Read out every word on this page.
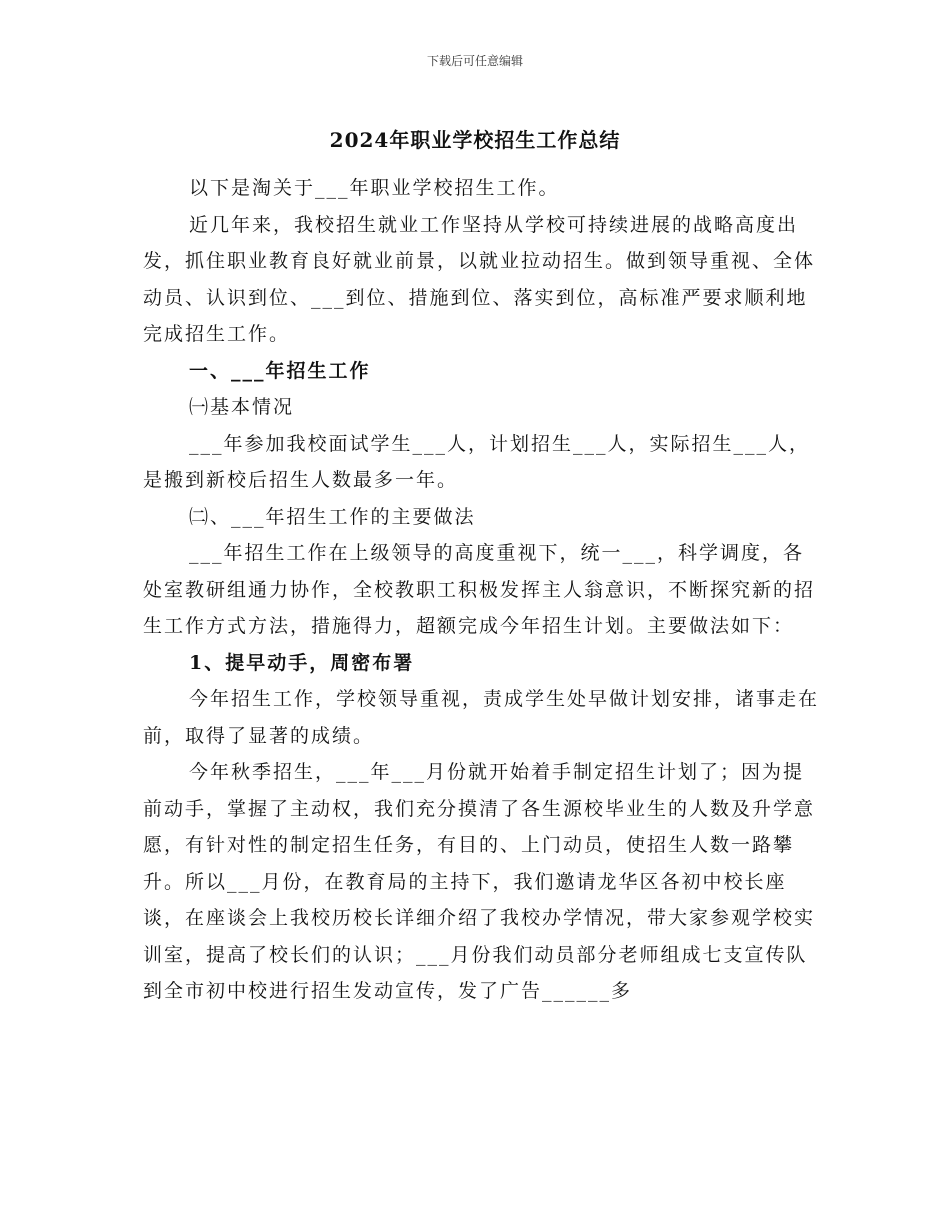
下载后可任意编辑
2024年职业学校招生工作总结

以下是淘关于___年职业学校招生工作。

近几年来，我校招生就业工作坚持从学校可持续进展的战略高度出发，抓住职业教育良好就业前景，以就业拉动招生。做到领导重视、全体动员、认识到位、___到位、措施到位、落实到位，高标准严要求顺利地完成招生工作。

一、___年招生工作

㈠基本情况

___年参加我校面试学生___人，计划招生___人，实际招生___人，是搬到新校后招生人数最多一年。

㈡、___年招生工作的主要做法

___年招生工作在上级领导的高度重视下，统一___，科学调度，各处室教研组通力协作，全校教职工积极发挥主人翁意识，不断探究新的招生工作方式方法，措施得力，超额完成今年招生计划。主要做法如下：

1、提早动手，周密布署

今年招生工作，学校领导重视，责成学生处早做计划安排，诸事走在前，取得了显著的成绩。

今年秋季招生，___年___月份就开始着手制定招生计划了；因为提前动手，掌握了主动权，我们充分摸清了各生源校毕业生的人数及升学意愿，有针对性的制定招生任务，有目的、上门动员，使招生人数一路攀升。所以___月份，在教育局的主持下，我们邀请龙华区各初中校长座谈，在座谈会上我校历校长详细介绍了我校办学情况，带大家参观学校实训室，提高了校长们的认识；___月份我们动员部分老师组成七支宣传队到全市初中校进行招生发动宣传，发了广告______多
